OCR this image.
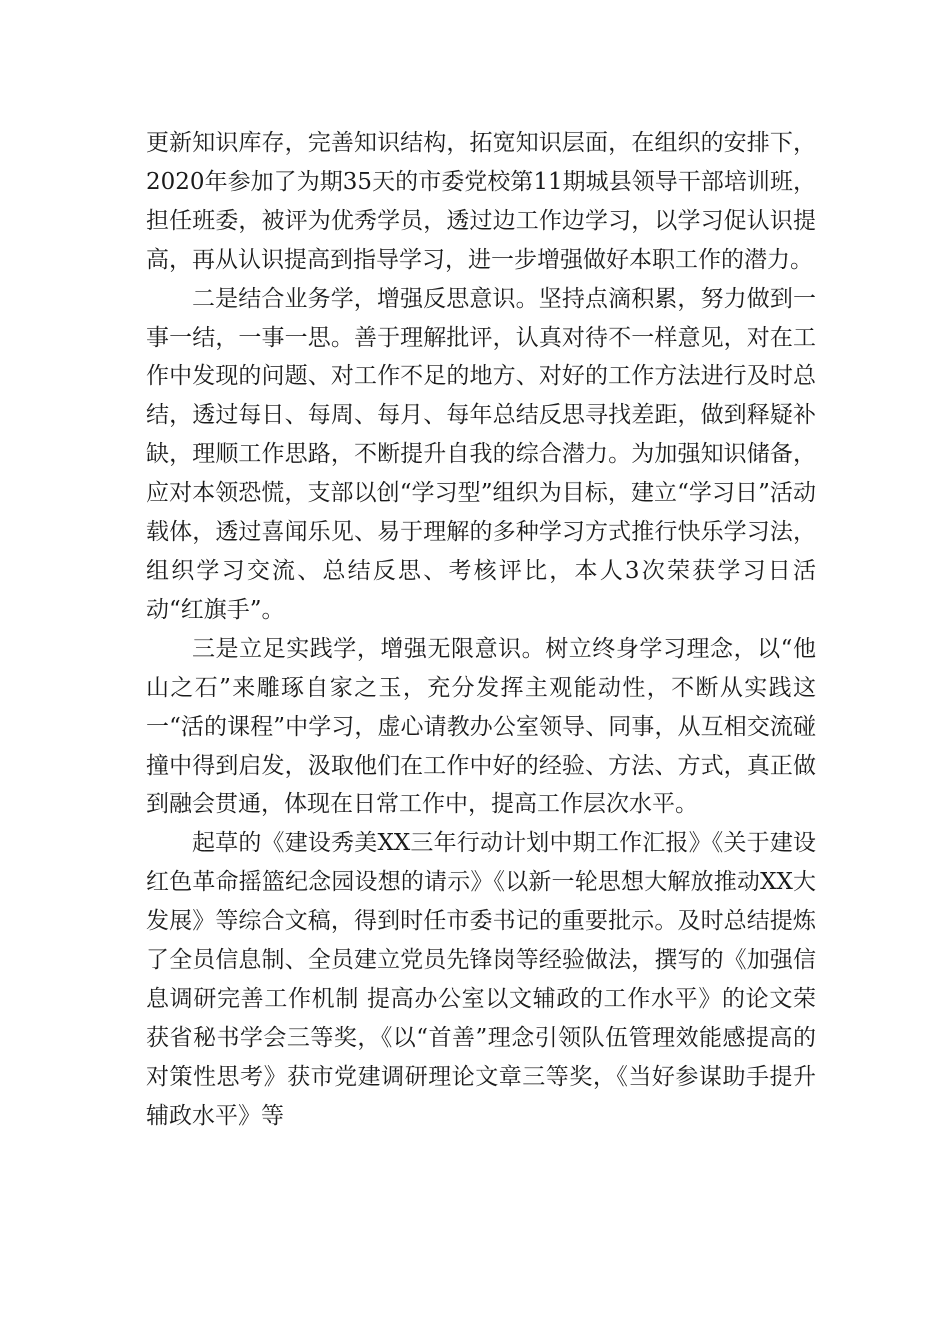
更新知识库存，完善知识结构，拓宽知识层面，在组织的安排下，2020年参加了为期35天的市委党校第11期城县领导干部培训班，担任班委，被评为优秀学员，透过边工作边学习，以学习促认识提高，再从认识提高到指导学习，进一步增强做好本职工作的潜力。

二是结合业务学，增强反思意识。坚持点滴积累，努力做到一事一结，一事一思。善于理解批评，认真对待不一样意见，对在工作中发现的问题、对工作不足的地方、对好的工作方法进行及时总结，透过每日、每周、每月、每年总结反思寻找差距，做到释疑补缺，理顺工作思路，不断提升自我的综合潜力。为加强知识储备，应对本领恐慌，支部以创“学习型”组织为目标，建立“学习日”活动载体，透过喜闻乐见、易于理解的多种学习方式推行快乐学习法，组织学习交流、总结反思、考核评比，本人3次荣获学习日活动“红旗手”。

三是立足实践学，增强无限意识。树立终身学习理念，以“他山之石”来雕琢自家之玉，充分发挥主观能动性，不断从实践这一“活的课程”中学习，虚心请教办公室领导、同事，从互相交流碰撞中得到启发，汲取他们在工作中好的经验、方法、方式，真正做到融会贯通，体现在日常工作中，提高工作层次水平。

起草的《建设秀美XX三年行动计划中期工作汇报》《关于建设红色革命摇篮纪念园设想的请示》《以新一轮思想大解放推动XX大发展》等综合文稿，得到时任市委书记的重要批示。及时总结提炼了全员信息制、全员建立党员先锋岗等经验做法，撰写的《加强信息调研完善工作机制 提高办公室以文辅政的工作水平》的论文荣获省秘书学会三等奖，《以“首善”理念引领队伍管理效能感提高的对策性思考》获市党建调研理论文章三等奖，《当好参谋助手提升辅政水平》等
